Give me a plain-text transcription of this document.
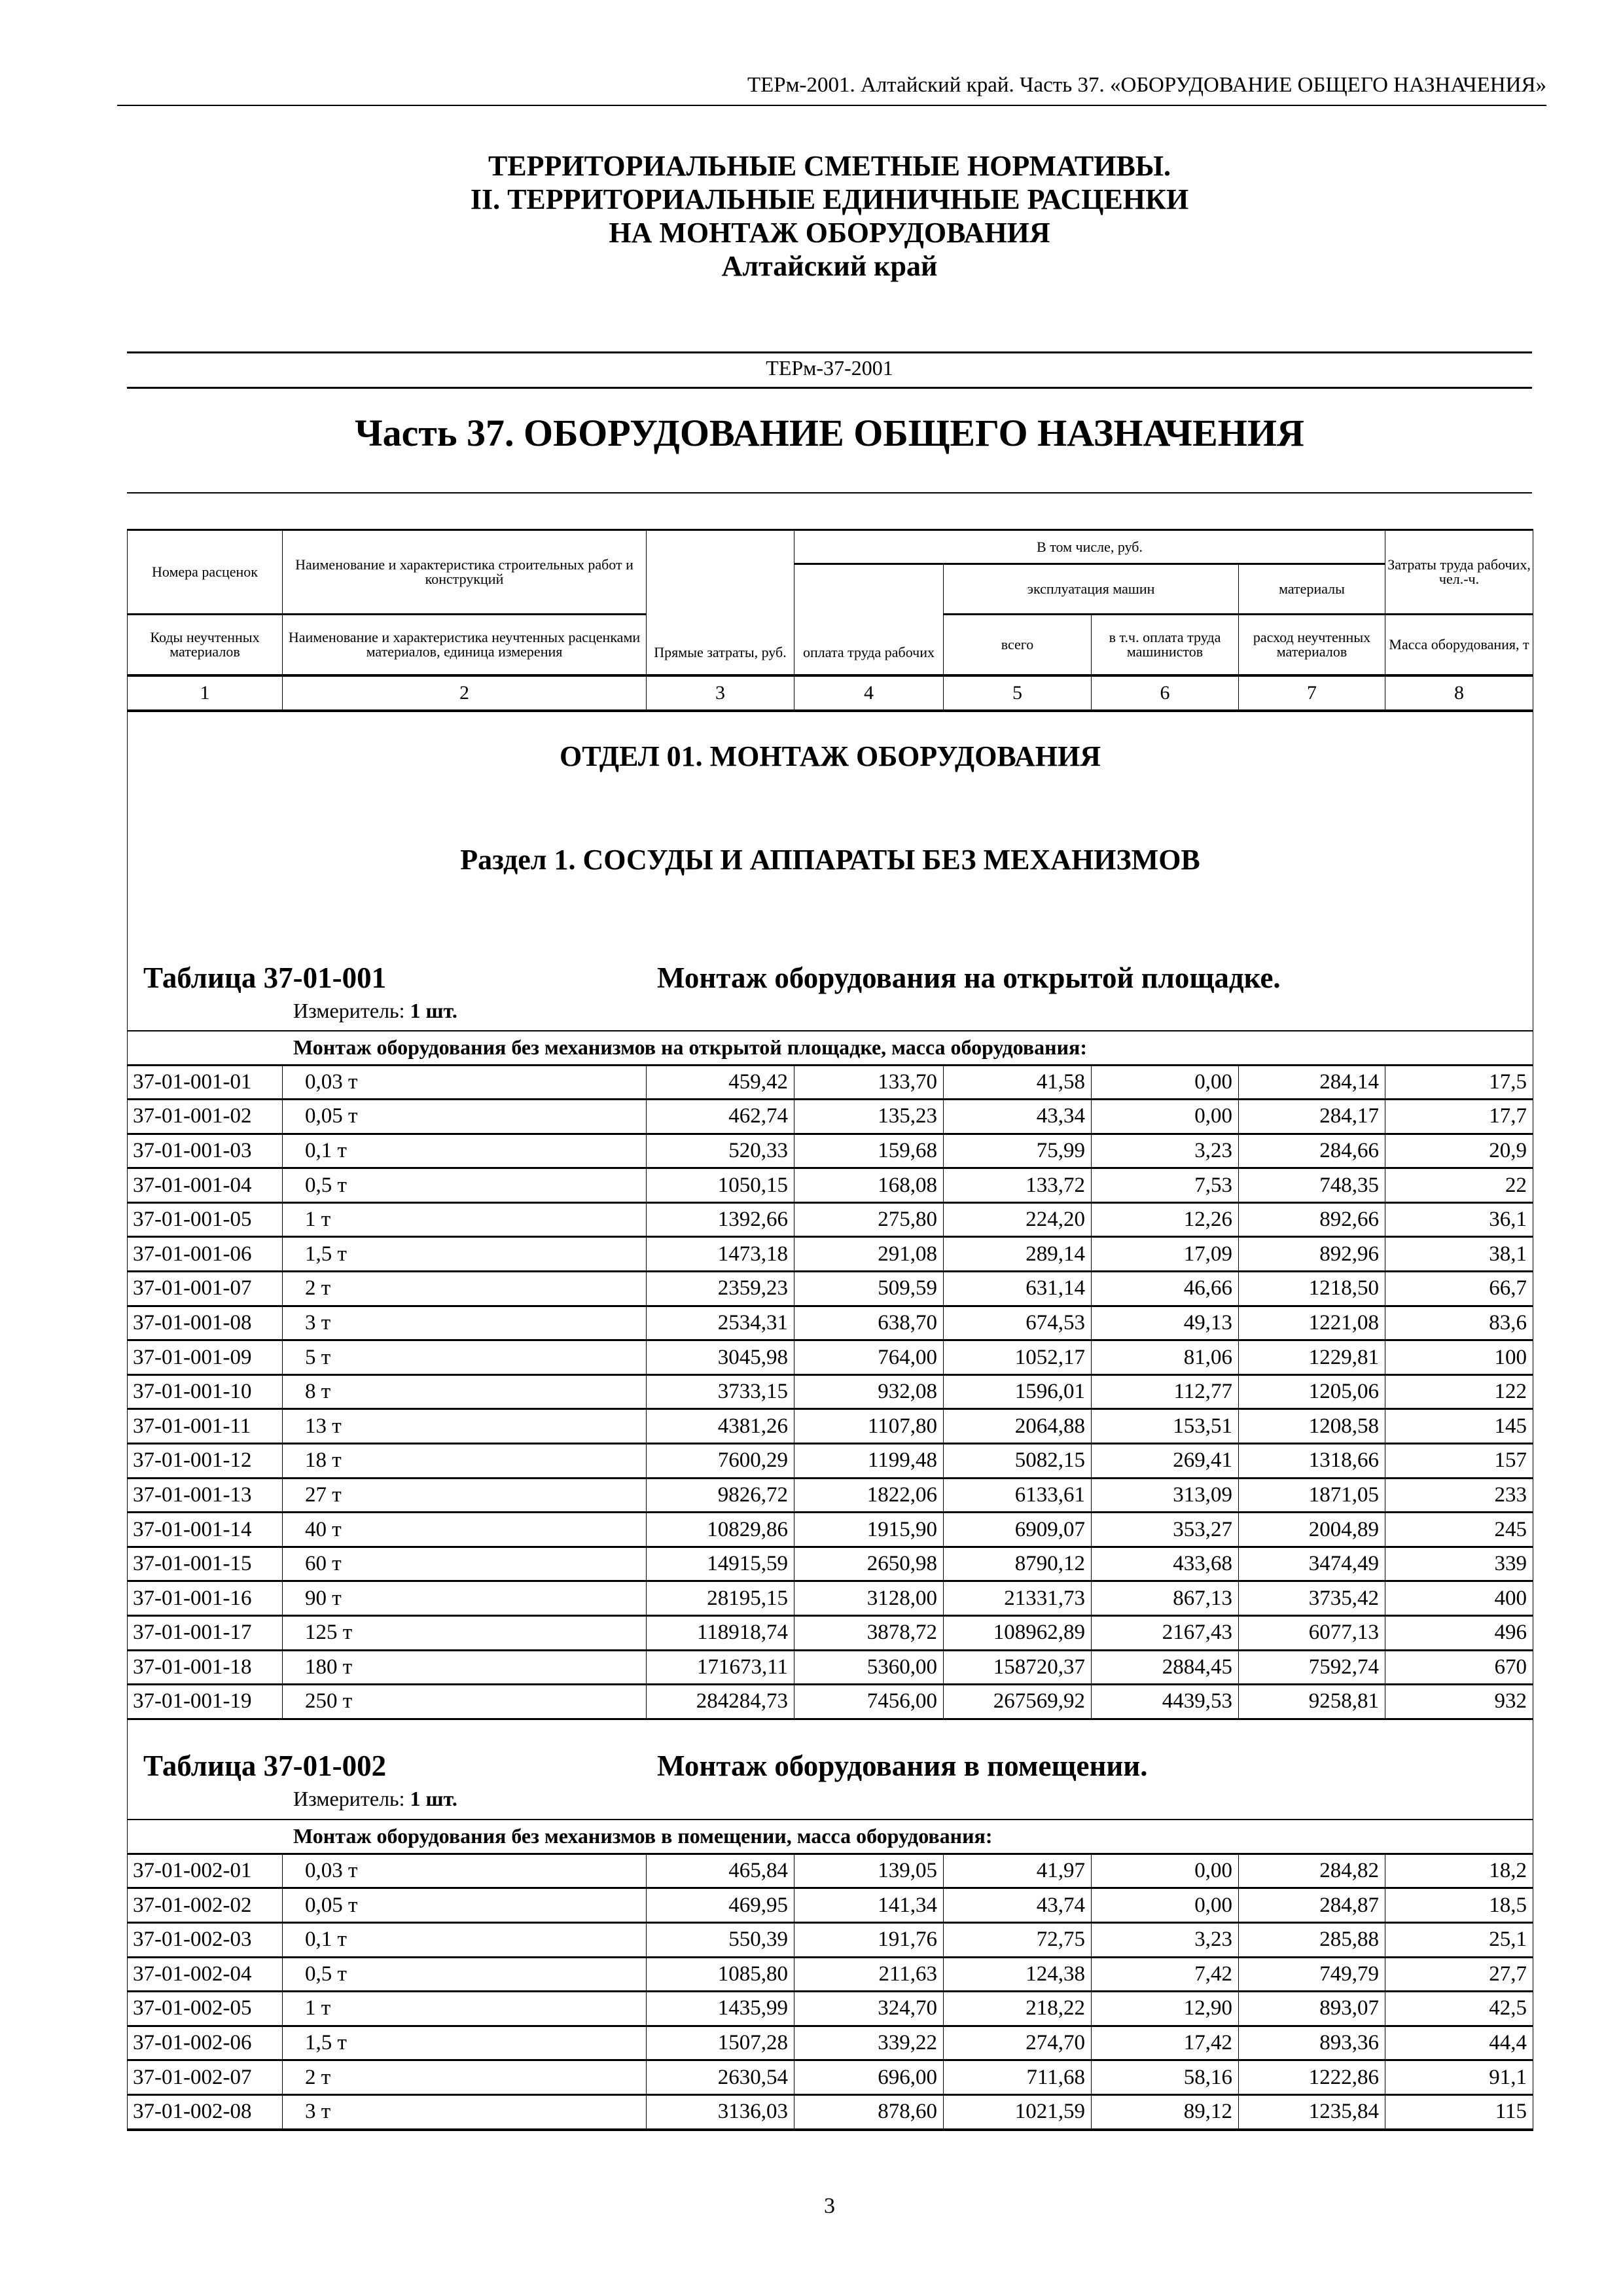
ТЕРм-2001. Алтайский край. Часть 37. «ОБОРУДОВАНИЕ ОБЩЕГО НАЗНАЧЕНИЯ»
ТЕРРИТОРИАЛЬНЫЕ СМЕТНЫЕ НОРМАТИВЫ.
II. ТЕРРИТОРИАЛЬНЫЕ ЕДИНИЧНЫЕ РАСЦЕНКИ
НА МОНТАЖ ОБОРУДОВАНИЯ
Алтайский край
ТЕРм-37-2001
Часть 37. ОБОРУДОВАНИЕ ОБЩЕГО НАЗНАЧЕНИЯ
Номера расценок	Наименование и характеристика строительных работ и конструкций	Прямые затраты, руб.	В том числе, руб.				Затраты труда рабочих, чел.-ч.
			оплата труда рабочих	эксплуатация машин		материалы	
Коды неучтенных материалов	Наименование и характеристика неучтенных расценками материалов, единица измерения			всего	в т.ч. оплата труда машинистов	расход неучтенных материалов	Масса оборудования, т
1	2	3	4	5	6	7	8

ОТДЕЛ 01. МОНТАЖ ОБОРУДОВАНИЯ
Раздел 1. СОСУДЫ И АППАРАТЫ БЕЗ МЕХАНИЗМОВ
Таблица 37-01-001 Монтаж оборудования на открытой площадке.
Измеритель: 1 шт.							

Монтаж оборудования без механизмов на открытой площадке, масса оборудования:							
37-01-001-01	0,03 т	459,42	133,70	41,58	0,00	284,14	17,5
37-01-001-02	0,05 т	462,74	135,23	43,34	0,00	284,17	17,7
37-01-001-03	0,1 т	520,33	159,68	75,99	3,23	284,66	20,9
37-01-001-04	0,5 т	1050,15	168,08	133,72	7,53	748,35	22
37-01-001-05	1 т	1392,66	275,80	224,20	12,26	892,66	36,1
37-01-001-06	1,5 т	1473,18	291,08	289,14	17,09	892,96	38,1
37-01-001-07	2 т	2359,23	509,59	631,14	46,66	1218,50	66,7
37-01-001-08	3 т	2534,31	638,70	674,53	49,13	1221,08	83,6
37-01-001-09	5 т	3045,98	764,00	1052,17	81,06	1229,81	100
37-01-001-10	8 т	3733,15	932,08	1596,01	112,77	1205,06	122
37-01-001-11	13 т	4381,26	1107,80	2064,88	153,51	1208,58	145
37-01-001-12	18 т	7600,29	1199,48	5082,15	269,41	1318,66	157
37-01-001-13	27 т	9826,72	1822,06	6133,61	313,09	1871,05	233
37-01-001-14	40 т	10829,86	1915,90	6909,07	353,27	2004,89	245
37-01-001-15	60 т	14915,59	2650,98	8790,12	433,68	3474,49	339
37-01-001-16	90 т	28195,15	3128,00	21331,73	867,13	3735,42	400
37-01-001-17	125 т	118918,74	3878,72	108962,89	2167,43	6077,13	496
37-01-001-18	180 т	171673,11	5360,00	158720,37	2884,45	7592,74	670
37-01-001-19	250 т	284284,73	7456,00	267569,92	4439,53	9258,81	932

Таблица 37-01-002 Монтаж оборудования в помещении.
Измеритель: 1 шт.							

Монтаж оборудования без механизмов в помещении, масса оборудования:							
37-01-002-01	0,03 т	465,84	139,05	41,97	0,00	284,82	18,2
37-01-002-02	0,05 т	469,95	141,34	43,74	0,00	284,87	18,5
37-01-002-03	0,1 т	550,39	191,76	72,75	3,23	285,88	25,1
37-01-002-04	0,5 т	1085,80	211,63	124,38	7,42	749,79	27,7
37-01-002-05	1 т	1435,99	324,70	218,22	12,90	893,07	42,5
37-01-002-06	1,5 т	1507,28	339,22	274,70	17,42	893,36	44,4
37-01-002-07	2 т	2630,54	696,00	711,68	58,16	1222,86	91,1
37-01-002-08	3 т	3136,03	878,60	1021,59	89,12	1235,84	115
3
